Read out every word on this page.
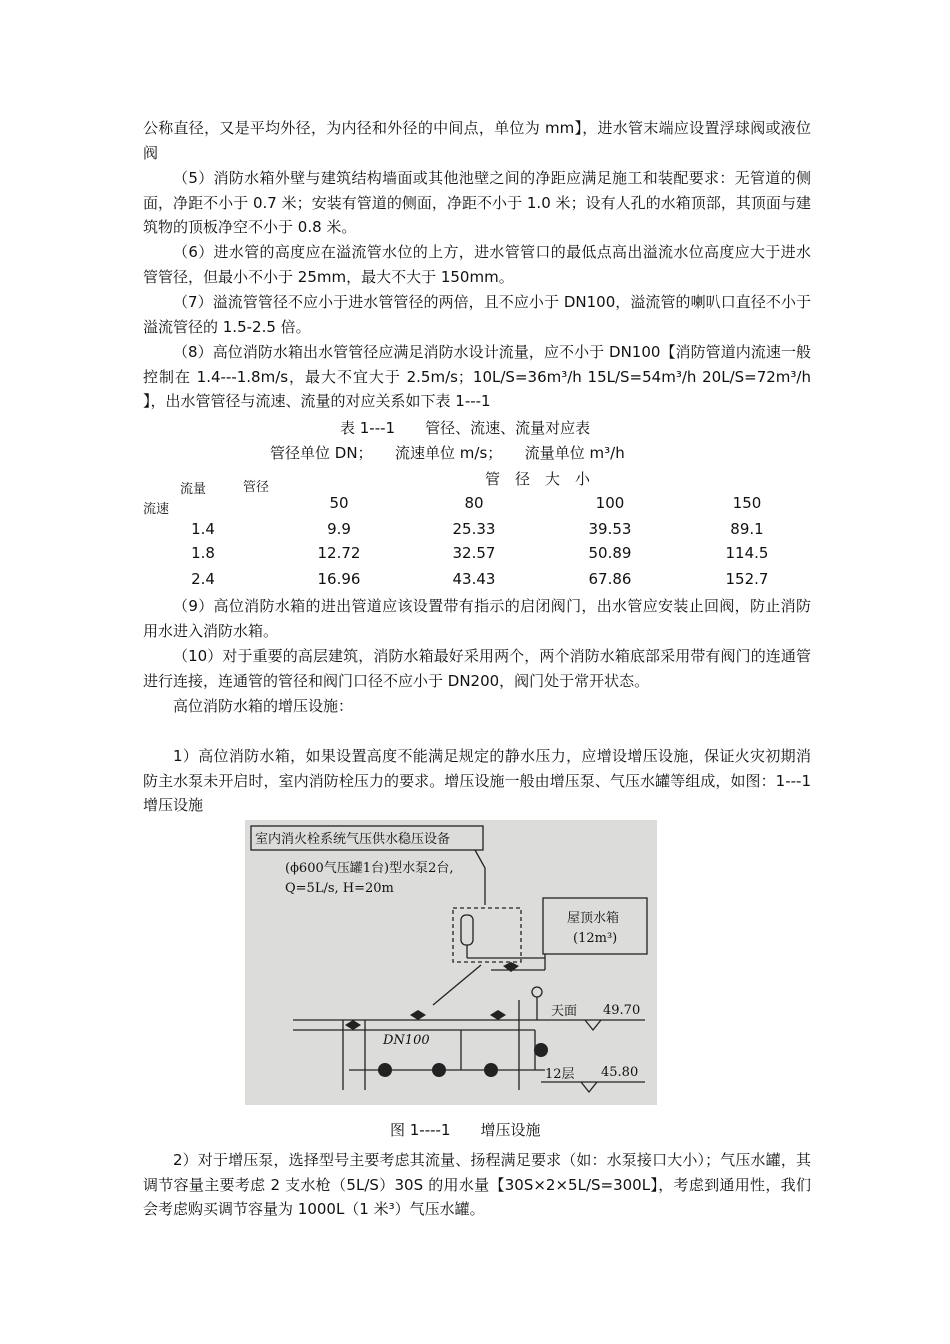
公称直径，又是平均外径，为内径和外径的中间点，单位为 mm】，进水管末端应设置浮球阀或液位阀

（5）消防水箱外壁与建筑结构墙面或其他池壁之间的净距应满足施工和装配要求：无管道的侧面，净距不小于 0.7 米；安装有管道的侧面，净距不小于 1.0 米；设有人孔的水箱顶部，其顶面与建筑物的顶板净空不小于 0.8 米。

（6）进水管的高度应在溢流管水位的上方，进水管管口的最低点高出溢流水位高度应大于进水管管径，但最小不小于 25mm，最大不大于 150mm。

（7）溢流管管径不应小于进水管管径的两倍，且不应小于 DN100，溢流管的喇叭口直径不小于溢流管径的 1.5-2.5 倍。

（8）高位消防水箱出水管管径应满足消防水设计流量，应不小于 DN100【消防管道内流速一般控制在 1.4---1.8m/s，最大不宜大于 2.5m/s；10L/S=36m³/h 15L/S=54m³/h 20L/S=72m³/h 】，出水管管径与流速、流量的对应关系如下表 1---1

表 1---1　　管径、流速、流量对应表
管径单位 DN；　　流速单位 m/s；　　流量单位 m³/h
流量	管径
流速
管　径　大　小
50	80	100	150
1.4	9.9	25.33	39.53	89.1
1.8	12.72	32.57	50.89	114.5
2.4	16.96	43.43	67.86	152.7

（9）高位消防水箱的进出管道应该设置带有指示的启闭阀门，出水管应安装止回阀，防止消防用水进入消防水箱。

（10）对于重要的高层建筑，消防水箱最好采用两个，两个消防水箱底部采用带有阀门的连通管进行连接，连通管的管径和阀门口径不应小于 DN200，阀门处于常开状态。

高位消防水箱的增压设施：

1）高位消防水箱，如果设置高度不能满足规定的静水压力，应增设增压设施，保证火灾初期消防主水泵未开启时，室内消防栓压力的要求。增压设施一般由增压泵、气压水罐等组成，如图：1---1　增压设施

室内消火栓系统气压供水稳压设备
(ϕ600气压罐1台)型水泵2台,
Q=5L/s, H=20m
屋顶水箱
(12m³)
DN100
天面 49.70
12层 45.80
图 1----1　　增压设施

2）对于增压泵，选择型号主要考虑其流量、扬程满足要求（如：水泵接口大小）；气压水罐，其调节容量主要考虑 2 支水枪（5L/S）30S 的用水量【30S×2×5L/S=300L】，考虑到通用性，我们会考虑购买调节容量为 1000L（1 米³）气压水罐。
